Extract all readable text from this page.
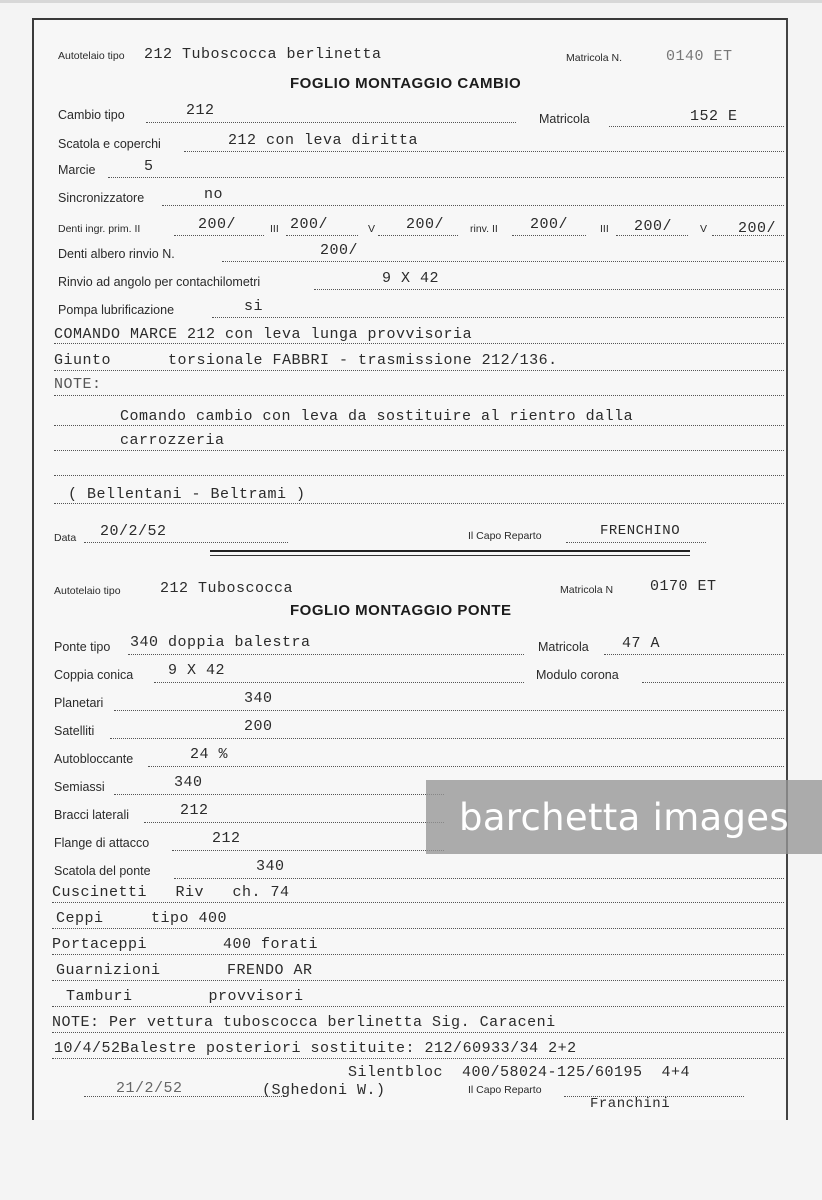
Autotelaio tipo 212 Tuboscocca berlinetta	Matricola N.	0140 ET
FOGLIO MONTAGGIO CAMBIO
Cambio tipo	212	Matricola	152 E
Scatola e coperchi	212 con leva diritta
Marcie	5
Sincronizzatore	no
Denti ingr. prim. II	200/	III 200/	V 200/ rinv. II 200/	III 200/	V 200/
Denti albero rinvio N.	200/
Rinvio ad angolo per contachilometri	9 X 42
Pompa lubrificazione	si
COMANDO MARCE 212 con leva lunga provvisoria
Giunto      torsionale FABBRI - trasmissione 212/136.
NOTE:
Comando cambio con leva da sostituire al rientro dalla
carrozzeria
( Bellentani - Beltrami )
Data 20/2/52	Il Capo Reparto	FRENCHINO
Autotelaio tipo	212 Tuboscocca	Matricola N 0170 ET
FOGLIO MONTAGGIO PONTE
Ponte tipo 340 doppia balestra	Matricola 47 A
Coppia conica 9 X 42	Modulo corona
Planetari	340
Satelliti	200
Autobloccante	24 %
Semiassi	340
Bracci laterali	212
Flange di attacco	212
Scatola del ponte	340
Cuscinetti   Riv   ch. 74
Ceppi     tipo 400
Portaceppi        400 forati
Guarnizioni       FRENDO AR
Tamburi        provvisori
NOTE: Per vettura tuboscocca berlinetta Sig. Caraceni
10/4/52Balestre posteriori sostituite: 212/60933/34 2+2
Silentbloc  400/58024-125/60195  4+4
21/2/52	(Sghedoni W.)	Il Capo Reparto
Franchini
barchetta images
